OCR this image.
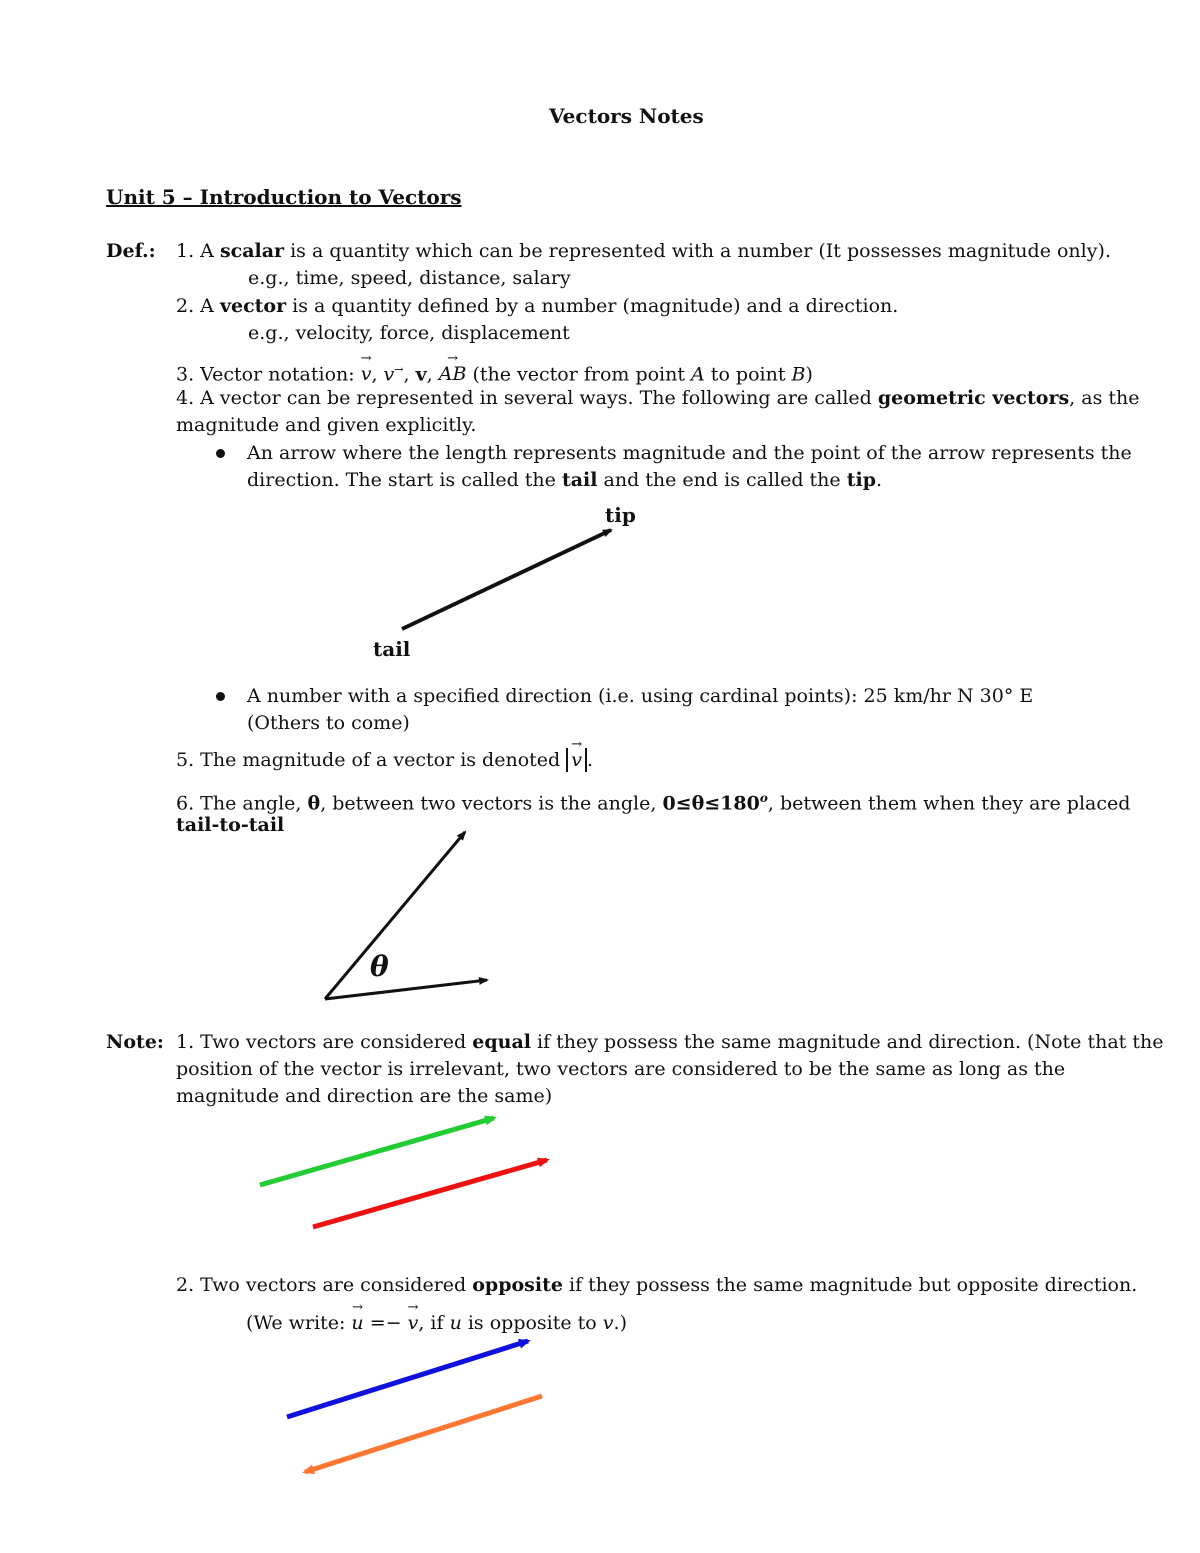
Vectors Notes
Unit 5 – Introduction to Vectors
Def.: 1. A scalar is a quantity which can be represented with a number (It possesses magnitude only).
e.g., time, speed, distance, salary
2. A vector is a quantity defined by a number (magnitude) and a direction.
e.g., velocity, force, displacement
3. Vector notation: → v, v→, v, → AB (the vector from point A to point B)
4. A vector can be represented in several ways. The following are called geometric vectors, as the
magnitude and given explicitly.
An arrow where the length represents magnitude and the point of the arrow represents the
direction. The start is called the tail and the end is called the tip.
tip
tail
A number with a specified direction (i.e. using cardinal points): 25 km/hr N 30° E
(Others to come)
5. The magnitude of a vector is denoted → v .
6. The angle, θ, between two vectors is the angle, $0\le\theta\le 180^o$, between them when they are placed
tail-to-tail
θ
Note: 1. Two vectors are considered equal if they possess the same magnitude and direction. (Note that the
position of the vector is irrelevant, two vectors are considered to be the same as long as the
magnitude and direction are the same)
2. Two vectors are considered opposite if they possess the same magnitude but opposite direction.
(We write: → u =− → v, if u is opposite to v.)
